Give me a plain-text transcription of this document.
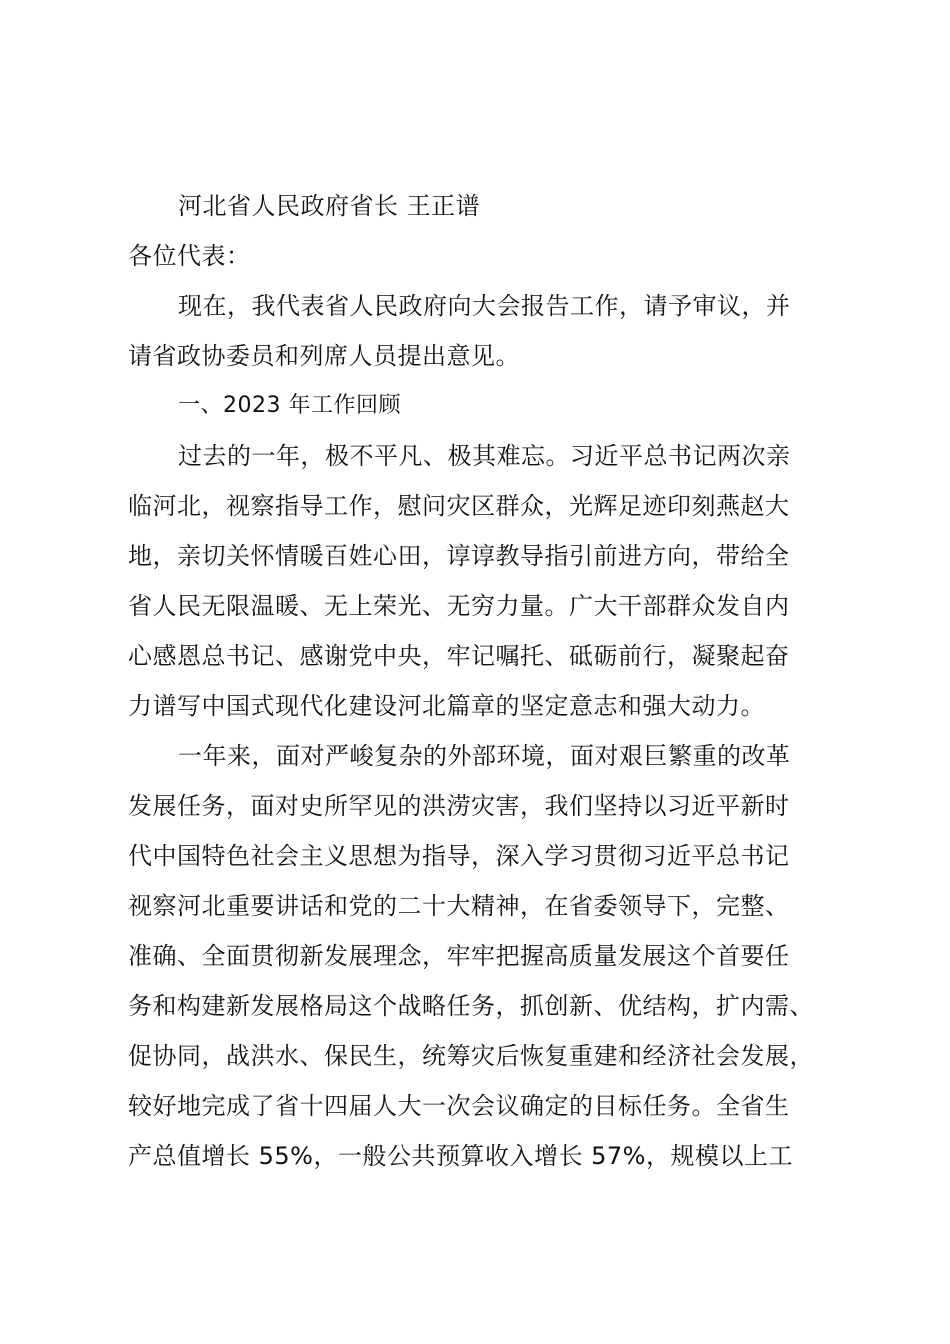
河北省人民政府省长 王正谱
各位代表：
现在，我代表省人民政府向大会报告工作，请予审议，并
请省政协委员和列席人员提出意见。
一、2023 年工作回顾
过去的一年，极不平凡、极其难忘。习近平总书记两次亲
临河北，视察指导工作，慰问灾区群众，光辉足迹印刻燕赵大
地，亲切关怀情暖百姓心田，谆谆教导指引前进方向，带给全
省人民无限温暖、无上荣光、无穷力量。广大干部群众发自内
心感恩总书记、感谢党中央，牢记嘱托、砥砺前行，凝聚起奋
力谱写中国式现代化建设河北篇章的坚定意志和强大动力。
一年来，面对严峻复杂的外部环境，面对艰巨繁重的改革
发展任务，面对史所罕见的洪涝灾害，我们坚持以习近平新时
代中国特色社会主义思想为指导，深入学习贯彻习近平总书记
视察河北重要讲话和党的二十大精神，在省委领导下，完整、
准确、全面贯彻新发展理念，牢牢把握高质量发展这个首要任
务和构建新发展格局这个战略任务，抓创新、优结构，扩内需、
促协同，战洪水、保民生，统筹灾后恢复重建和经济社会发展，
较好地完成了省十四届人大一次会议确定的目标任务。全省生
产总值增长 55%，一般公共预算收入增长 57%，规模以上工
